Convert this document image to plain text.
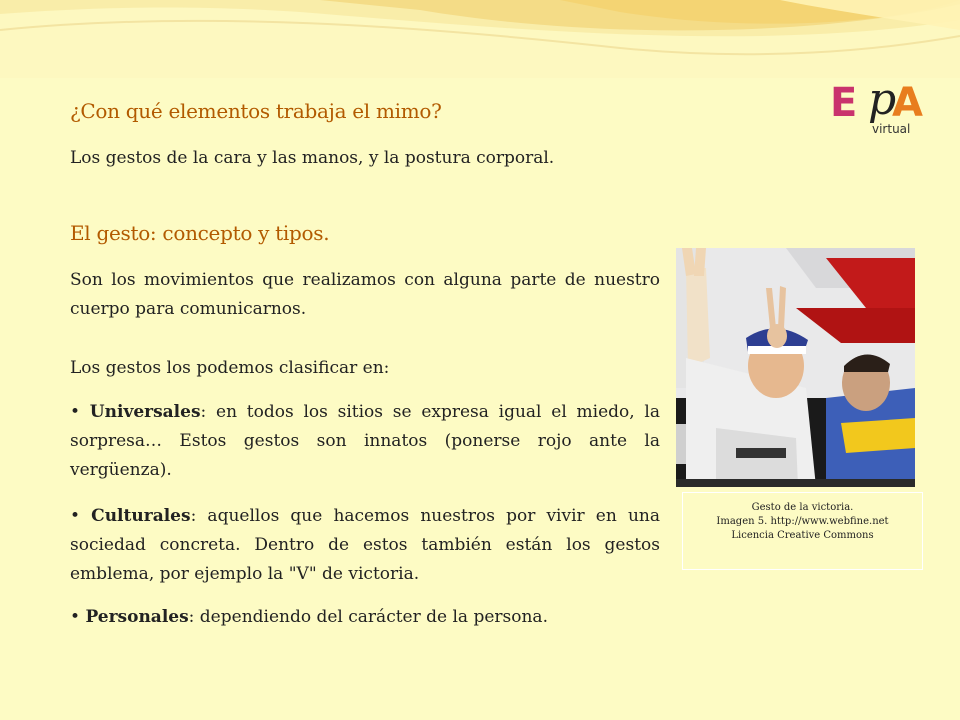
E p
A
virtual
¿Con qué elementos trabaja el mimo?

Los gestos de la cara y las manos, y la postura corporal.

El gesto: concepto y tipos.

Son los movimientos que realizamos con alguna parte de nuestro cuerpo para comunicarnos.

Los gestos los podemos clasificar en:

• Universales: en todos los sitios se expresa igual el miedo, la sorpresa… Estos gestos son innatos (ponerse rojo ante la vergüenza).

• Culturales: aquellos que hacemos nuestros por vivir en una sociedad concreta. Dentro de estos también están los gestos emblema, por ejemplo la "V" de victoria.

• Personales: dependiendo del carácter de la persona.

Gesto de la victoria.
Imagen 5. http://www.webfine.net
Licencia Creative Commons
